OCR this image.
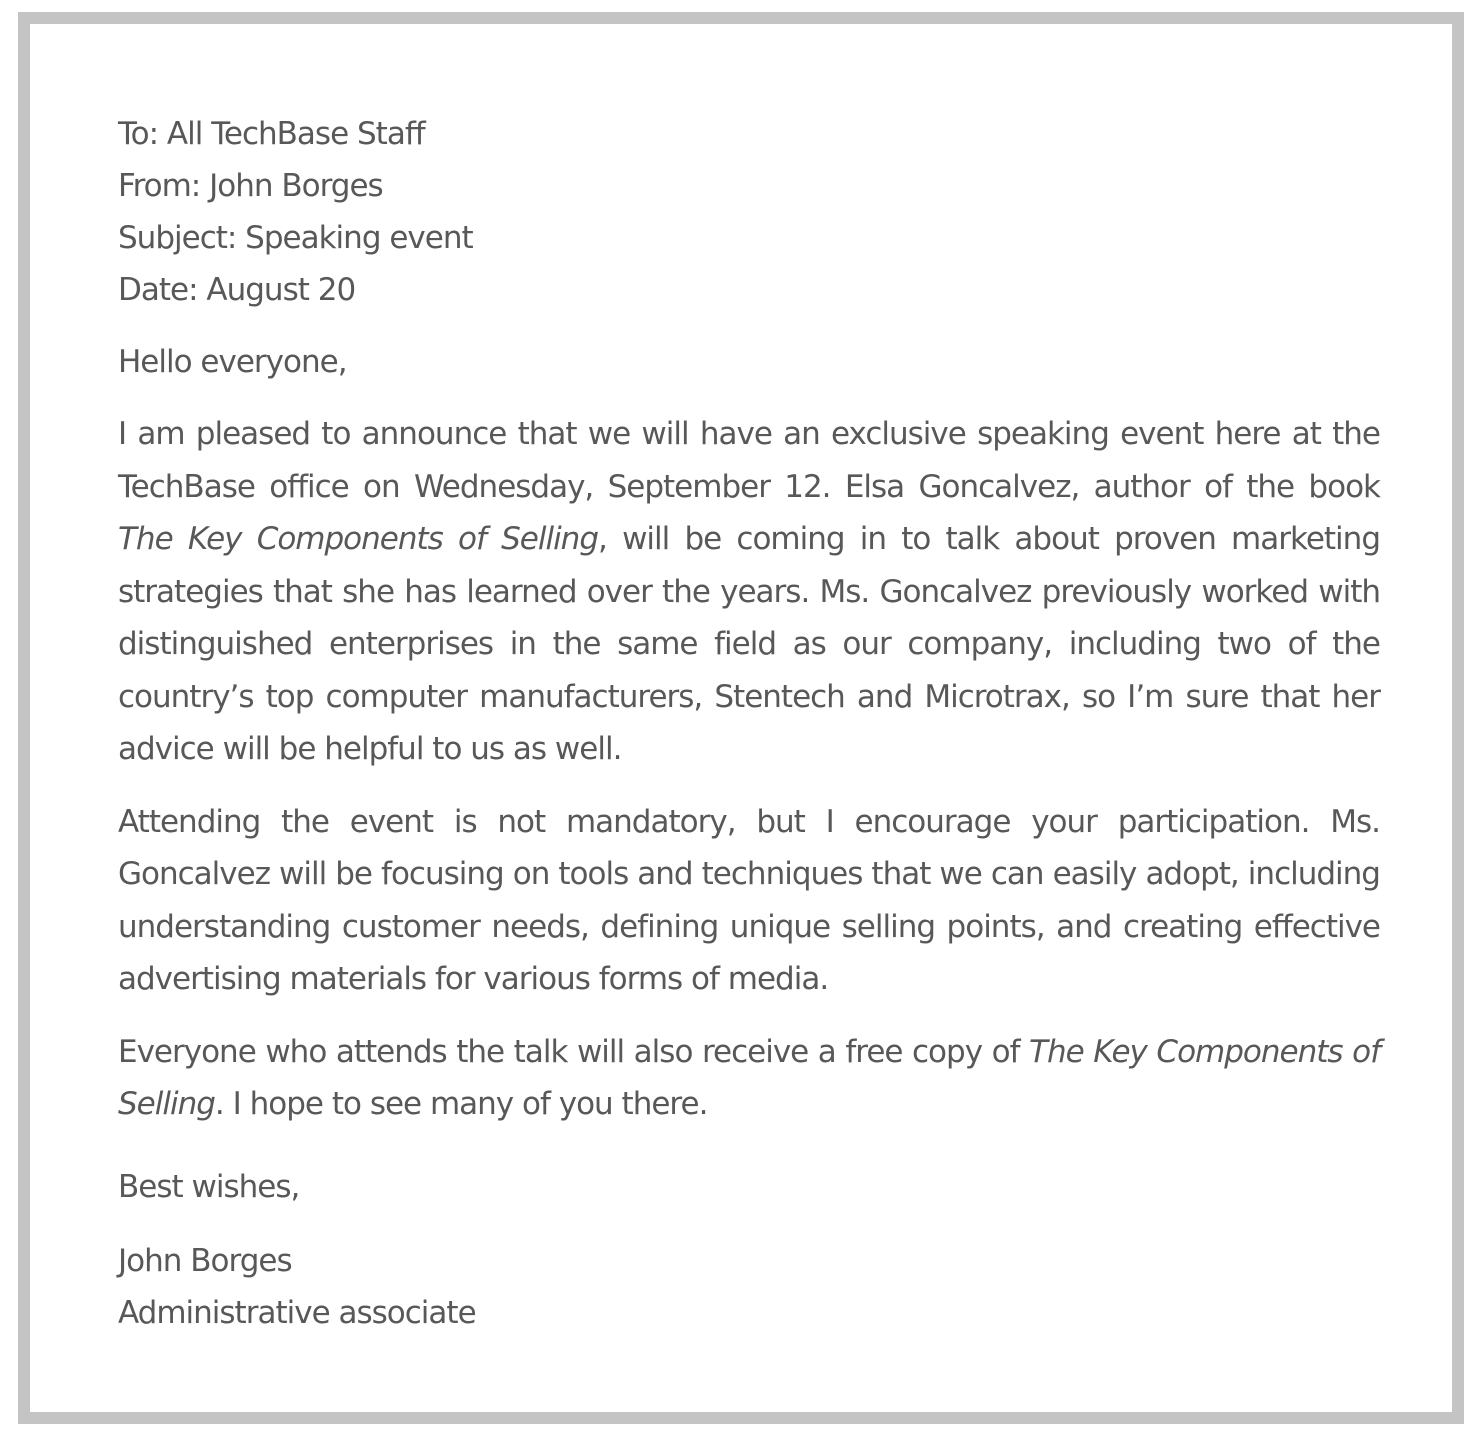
To: All TechBase Staff
From: John Borges
Subject: Speaking event
Date: August 20

Hello everyone,

I am pleased to announce that we will have an exclusive speaking event here at the TechBase office on Wednesday, September 12. Elsa Goncalvez, author of the book The Key Components of Selling, will be coming in to talk about proven marketing strategies that she has learned over the years. Ms. Goncalvez previously worked with distinguished enterprises in the same field as our company, including two of the country’s top computer manufacturers, Stentech and Microtrax, so I’m sure that her advice will be helpful to us as well.

Attending the event is not mandatory, but I encourage your participation. Ms. Goncalvez will be focusing on tools and techniques that we can easily adopt, including understanding customer needs, defining unique selling points, and creating effective advertising materials for various forms of media.

Everyone who attends the talk will also receive a free copy of The Key Components of Selling. I hope to see many of you there.

Best wishes,

John Borges
Administrative associate
